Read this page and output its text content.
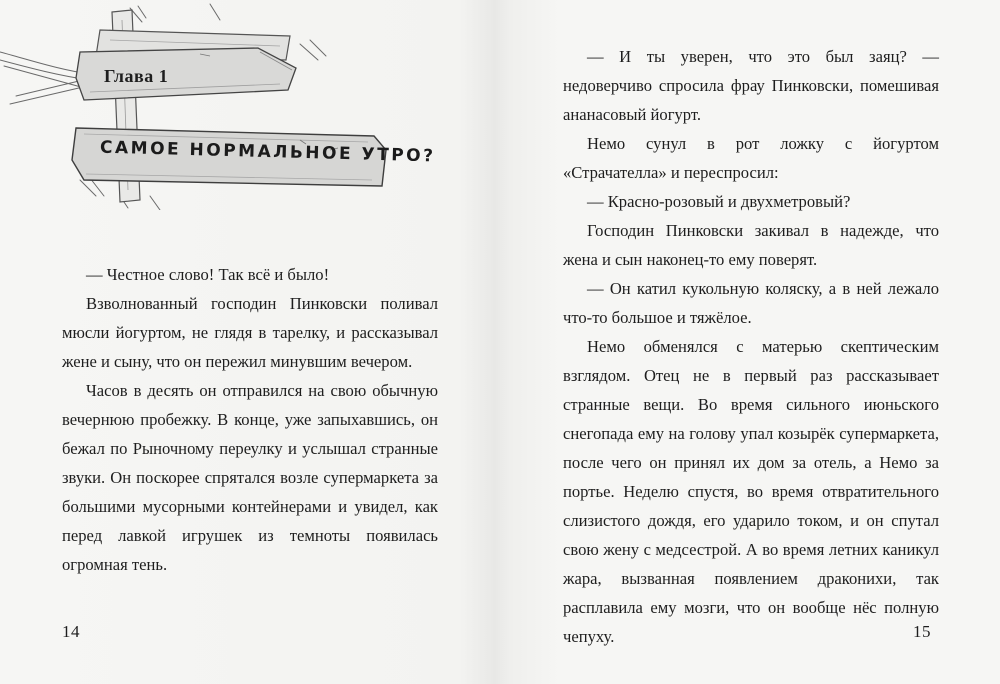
Глава 1
САМОЕ НОРМАЛЬНОЕ УТРО?

— Честное слово! Так всё и было!

Взволнованный господин Пинковски поливал мюсли йогуртом, не глядя в тарелку, и рассказывал жене и сыну, что он пережил минувшим вечером.

Часов в десять он отправился на свою обычную вечернюю пробежку. В конце, уже запыхавшись, он бежал по Рыночному переулку и услышал странные звуки. Он поскорее спрятался возле супермаркета за большими мусорными контейнерами и увидел, как перед лавкой игрушек из темноты появилась огромная тень.

14

— И ты уверен, что это был заяц? — недоверчиво спросила фрау Пинковски, помешивая ананасовый йогурт.

Немо сунул в рот ложку с йогуртом «Страчателла» и переспросил:

— Красно-розовый и двухметровый?

Господин Пинковски закивал в надежде, что жена и сын наконец-то ему поверят.

— Он катил кукольную коляску, а в ней лежало что-то большое и тяжёлое.

Немо обменялся с матерью скептическим взглядом. Отец не в первый раз рассказывает странные вещи. Во время сильного июньского снегопада ему на голову упал козырёк супермаркета, после чего он принял их дом за отель, а Немо за портье. Неделю спустя, во время отвратительного слизистого дождя, его ударило током, и он спутал свою жену с медсестрой. А во время летних каникул жара, вызванная появлением драконихи, так расплавила ему мозги, что он вообще нёс полную чепуху.	15
